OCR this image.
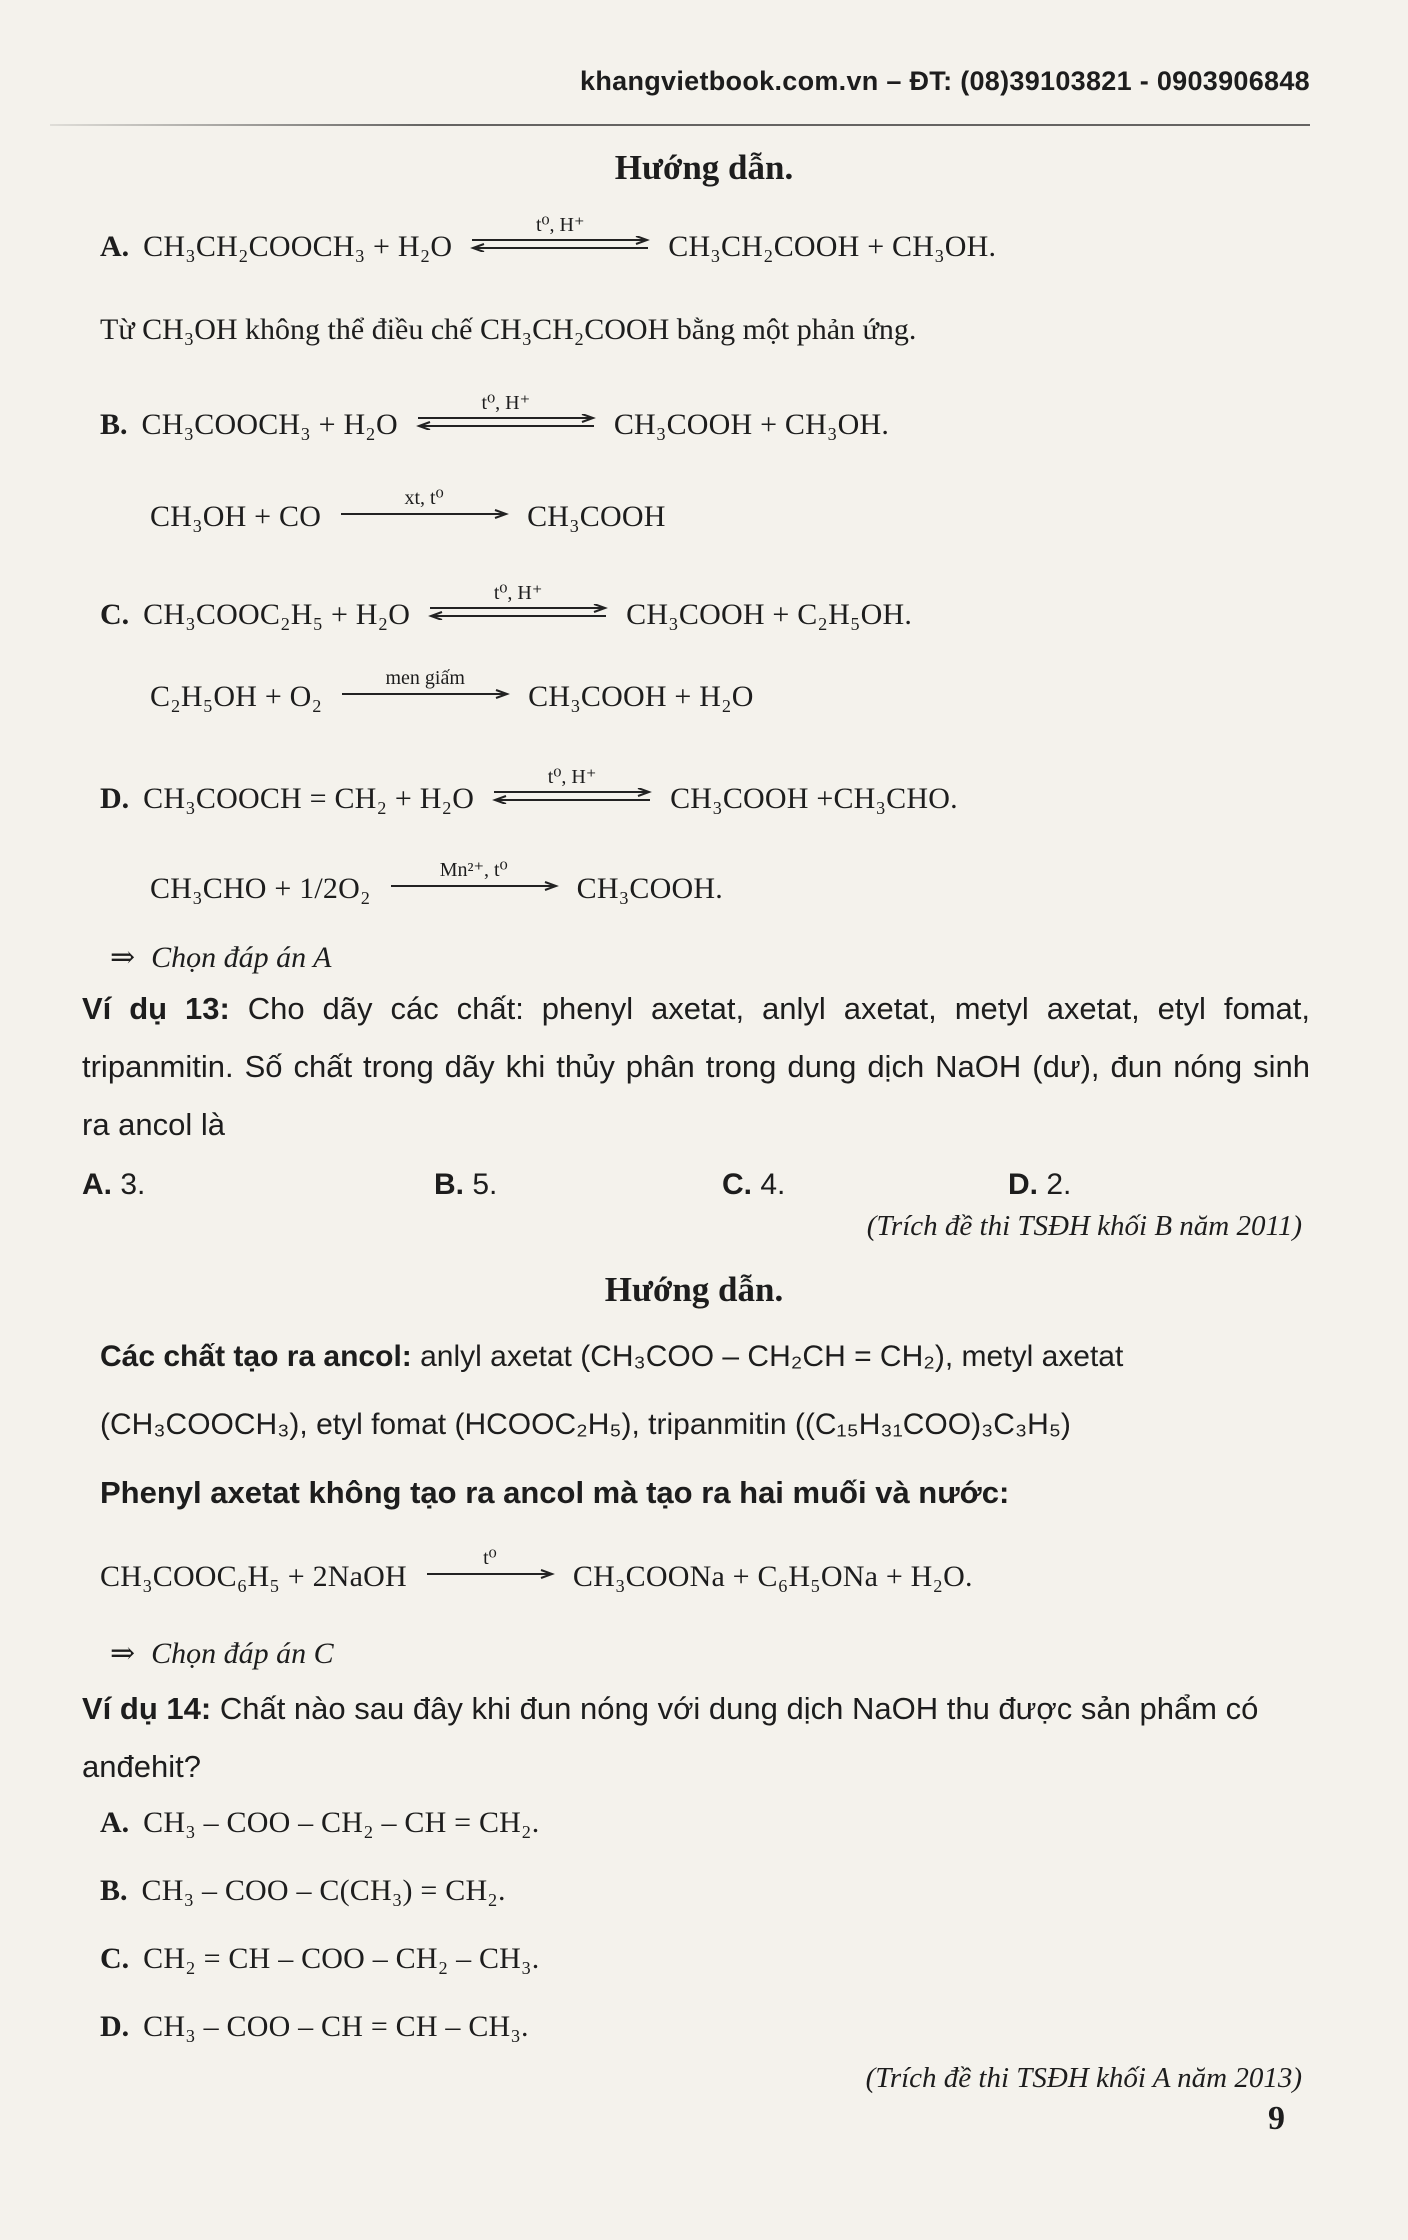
khangvietbook.com.vn – ĐT: (08)39103821 - 0903906848
Hướng dẫn.
A. CH₃CH₂COOCH₃ + H₂O
t⁰, H⁺
CH₃CH₂COOH + CH₃OH.
Từ CH₃OH không thể điều chế CH₃CH₂COOH bằng một phản ứng.
B. CH₃COOCH₃ + H₂O
t⁰, H⁺
CH₃COOH + CH₃OH.
CH₃OH + CO
xt, t⁰
CH₃COOH
C. CH₃COOC₂H₅ + H₂O
t⁰, H⁺
CH₃COOH + C₂H₅OH.
C₂H₅OH + O₂
men giấm
CH₃COOH + H₂O
D. CH₃COOCH = CH₂ + H₂O
t⁰, H⁺
CH₃COOH +CH₃CHO.
CH₃CHO + 1/2O₂
Mn²⁺, t⁰
CH₃COOH.
⇒ Chọn đáp án A
Ví dụ 13: Cho dãy các chất: phenyl axetat, anlyl axetat, metyl axetat, etyl fomat, tripanmitin. Số chất trong dãy khi thủy phân trong dung dịch NaOH (dư), đun nóng sinh ra ancol là
A. 3.	B. 5.	C. 4.	D. 2.
(Trích đề thi TSĐH khối B năm 2011)
Hướng dẫn.
Các chất tạo ra ancol: anlyl axetat (CH₃COO – CH₂CH = CH₂), metyl axetat
(CH₃COOCH₃), etyl fomat (HCOOC₂H₅), tripanmitin ((C₁₅H₃₁COO)₃C₃H₅)
Phenyl axetat không tạo ra ancol mà tạo ra hai muối và nước:
CH₃COOC₆H₅ + 2NaOH
t⁰
CH₃COONa + C₆H₅ONa + H₂O.
⇒ Chọn đáp án C
Ví dụ 14: Chất nào sau đây khi đun nóng với dung dịch NaOH thu được sản phẩm có anđehit?
A. CH₃ – COO – CH₂ – CH = CH₂.
B. CH₃ – COO – C(CH₃) = CH₂.
C. CH₂ = CH – COO – CH₂ – CH₃.
D. CH₃ – COO – CH = CH – CH₃.
(Trích đề thi TSĐH khối A năm 2013)
9
